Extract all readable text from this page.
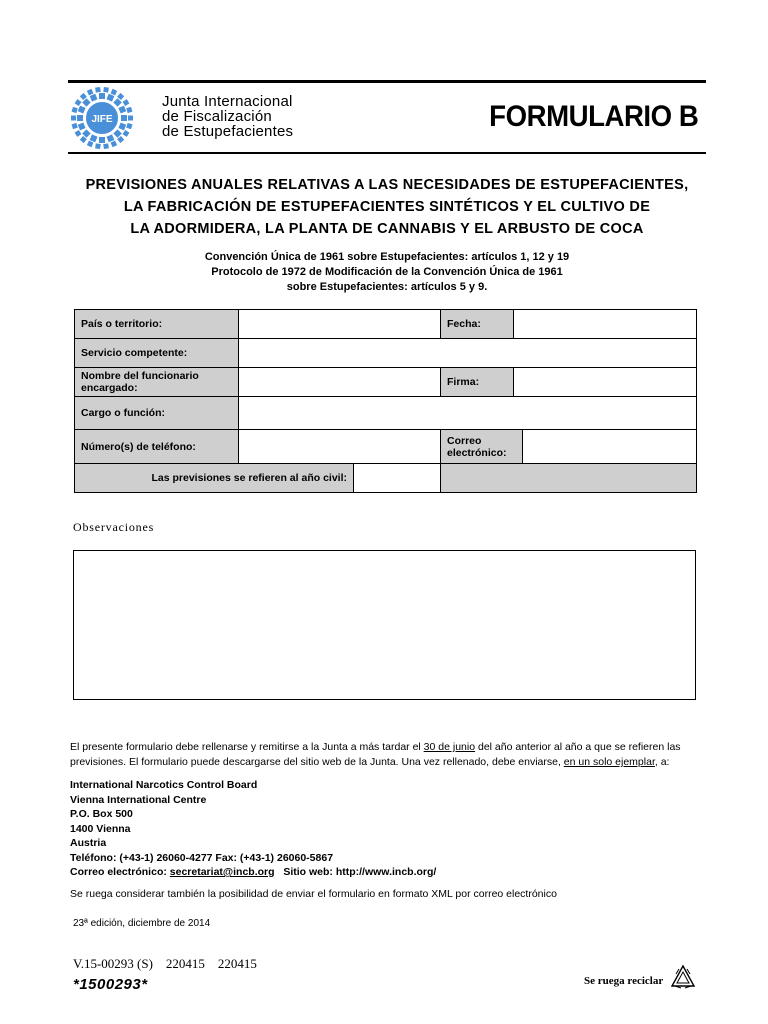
JIFE
Junta Internacional
de Fiscalización
de Estupefacientes	FORMULARIO B
PREVISIONES ANUALES RELATIVAS A LAS NECESIDADES DE ESTUPEFACIENTES,
LA FABRICACIÓN DE ESTUPEFACIENTES SINTÉTICOS Y EL CULTIVO DE
LA ADORMIDERA, LA PLANTA DE CANNABIS Y EL ARBUSTO DE COCA
Convención Única de 1961 sobre Estupefacientes: artículos 1, 12 y 19
Protocolo de 1972 de Modificación de la Convención Única de 1961
sobre Estupefacientes: artículos 5 y 9.
País o territorio:			Fecha:		
Servicio competente:					
Nombre del funcionario encargado:			Firma:		
Cargo o función:					
Número(s) de teléfono:			Correo electrónico:		
Las previsiones se refieren al año civil:					
Observaciones
El presente formulario debe rellenarse y remitirse a la Junta a más tardar el 30 de junio del año anterior al año a que se refieren las previsiones. El formulario puede descargarse del sitio web de la Junta. Una vez rellenado, debe enviarse, en un solo ejemplar, a:
International Narcotics Control Board
Vienna International Centre
P.O. Box 500
1400 Vienna
Austria
Teléfono: (+43-1) 26060-4277 Fax: (+43-1) 26060-5867
Correo electrónico: secretariat@incb.org   Sitio web: http://www.incb.org/
Se ruega considerar también la posibilidad de enviar el formulario en formato XML por correo electrónico
23ª edición, diciembre de 2014
V.15-00293 (S)    220415    220415
*1500293*	Se ruega reciclar
